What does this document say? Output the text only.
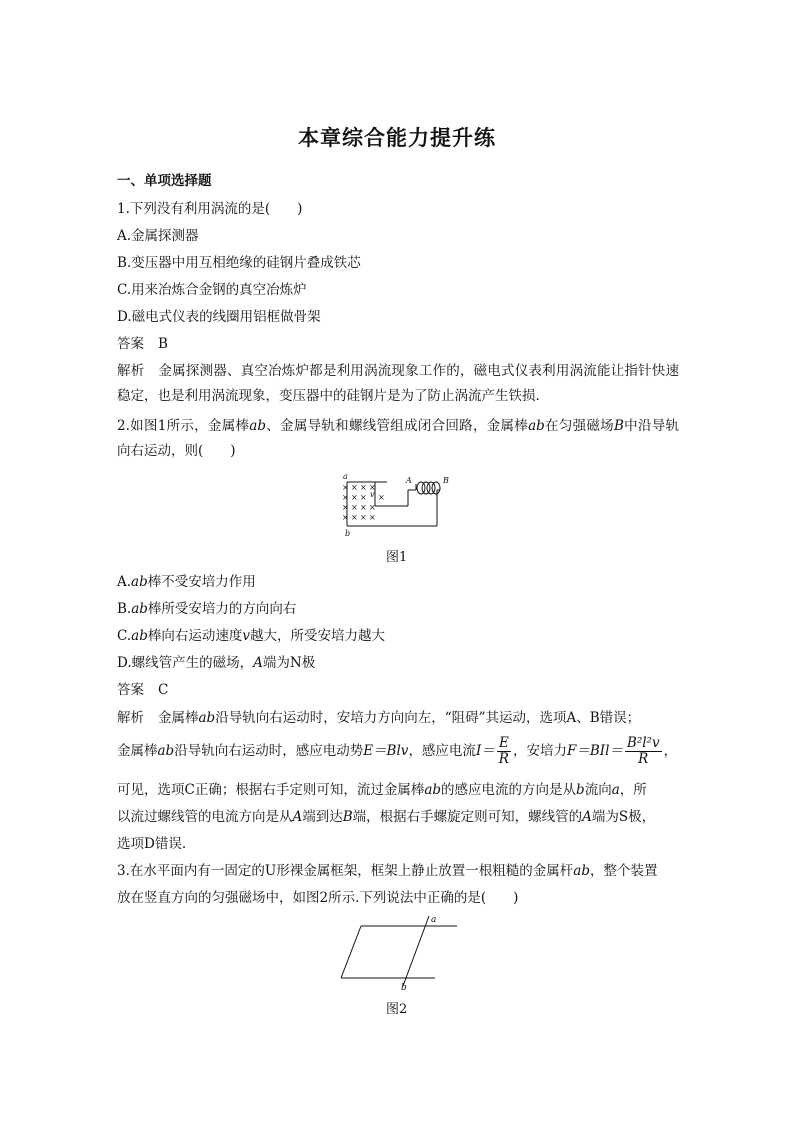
本章综合能力提升练
一、单项选择题
1.下列没有利用涡流的是(　　)
A.金属探测器
B.变压器中用互相绝缘的硅钢片叠成铁芯
C.用来冶炼合金钢的真空冶炼炉
D.磁电式仪表的线圈用铝框做骨架
答案 B
解析 金属探测器、真空冶炼炉都是利用涡流现象工作的，磁电式仪表利用涡流能让指针快速稳定，也是利用涡流现象，变压器中的硅钢片是为了防止涡流产生铁损.
2.如图1所示，金属棒ab、金属导轨和螺线管组成闭合回路，金属棒ab在匀强磁场B中沿导轨向右运动，则(　　)
× × × ×
× × × ×
× × × ×
× × × ×
a
b
A	B
v
图1
A.ab棒不受安培力作用
B.ab棒所受安培力的方向向右
C.ab棒向右运动速度v越大，所受安培力越大
D.螺线管产生的磁场，A端为N极
答案 C
解析 金属棒ab沿导轨向右运动时，安培力方向向左，“阻碍”其运动，选项A、B错误；
金属棒ab沿导轨向右运动时，感应电动势E＝Blv，感应电流$I= \frac{E}{R}$ ，安培力$F=BIl= \frac{\text{B²l²v}}{R}$ ，
可见，选项C正确；根据右手定则可知，流过金属棒ab的感应电流的方向是从b流向a，所
以流过螺线管的电流方向是从A端到达B端，根据右手螺旋定则可知，螺线管的A端为S极，
选项D错误.
3.在水平面内有一固定的U形裸金属框架，框架上静止放置一根粗糙的金属杆ab，整个装置
放在竖直方向的匀强磁场中，如图2所示.下列说法中正确的是(　　)
a
b
图2
